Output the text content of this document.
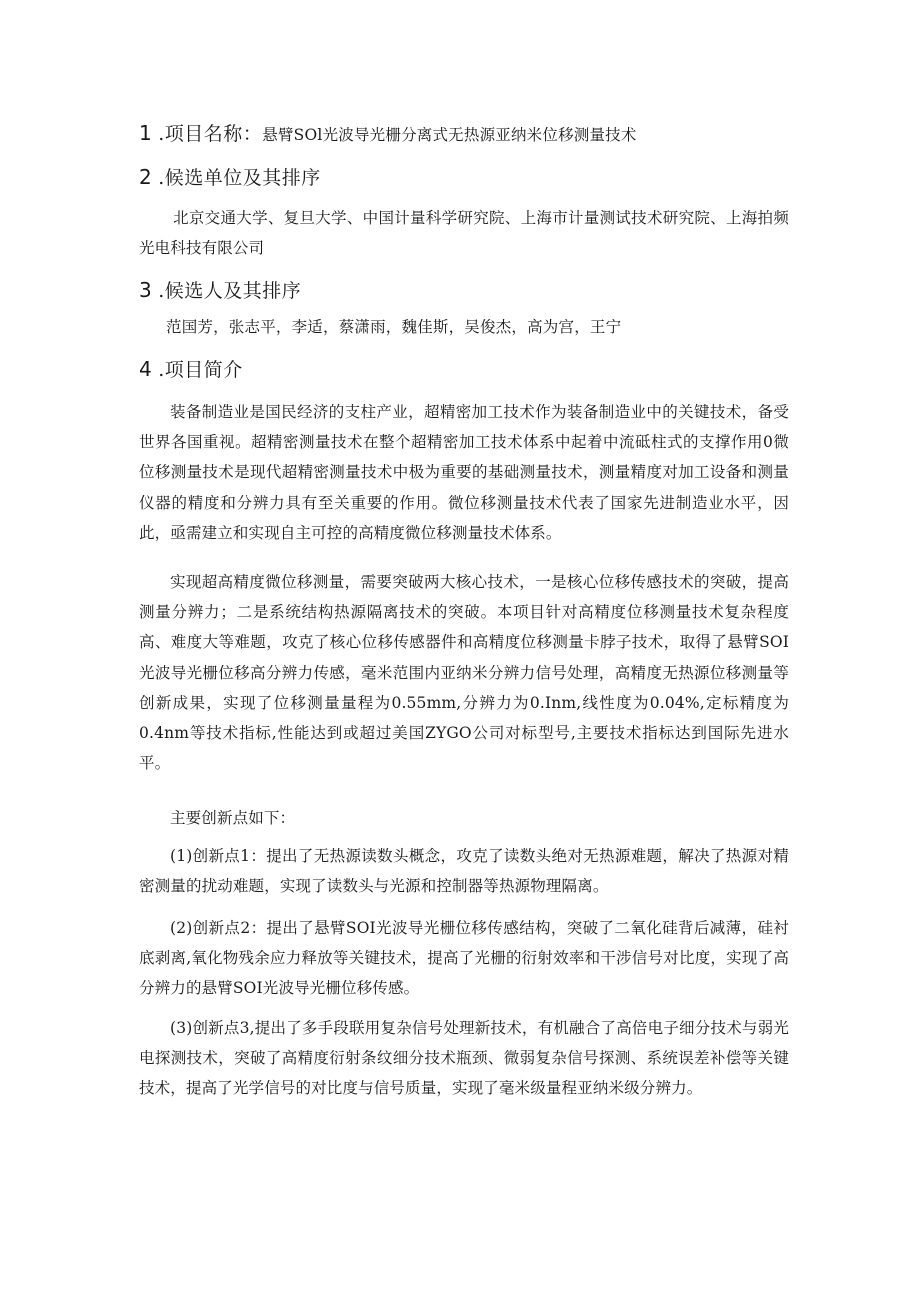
1 .项目名称：悬臂SOl光波导光栅分离式无热源亚纳米位移测量技术
2 .候选单位及其排序
北京交通大学、复旦大学、中国计量科学研究院、上海市计量测试技术研究院、上海拍频光电科技有限公司
3 .候选人及其排序
范国芳，张志平，李适，蔡潇雨，魏佳斯，吴俊杰，高为宫，王宁
4 .项目简介
装备制造业是国民经济的支柱产业，超精密加工技术作为装备制造业中的关键技术，备受世界各国重视。超精密测量技术在整个超精密加工技术体系中起着中流砥柱式的支撑作用0微位移测量技术是现代超精密测量技术中极为重要的基础测量技术，测量精度对加工设备和测量仪器的精度和分辨力具有至关重要的作用。微位移测量技术代表了国家先进制造业水平，因此，亟需建立和实现自主可控的高精度微位移测量技术体系。
实现超高精度微位移测量，需要突破两大核心技术，一是核心位移传感技术的突破，提高测量分辨力；二是系统结构热源隔离技术的突破。本项目针对高精度位移测量技术复杂程度高、难度大等难题，攻克了核心位移传感器件和高精度位移测量卡脖子技术，取得了悬臂SOI光波导光栅位移高分辨力传感，毫米范围内亚纳米分辨力信号处理，高精度无热源位移测量等创新成果，实现了位移测量量程为0.55mm,分辨力为0.Inm,线性度为0.04%,定标精度为0.4nm等技术指标,性能达到或超过美国ZYGO公司对标型号,主要技术指标达到国际先进水平。
主要创新点如下：
(1)创新点1：提出了无热源读数头概念，攻克了读数头绝对无热源难题，解决了热源对精密测量的扰动难题，实现了读数头与光源和控制器等热源物理隔离。
(2)创新点2：提出了悬臂SOI光波导光栅位移传感结构，突破了二氧化硅背后减薄，硅衬底剥离,氧化物残余应力释放等关键技术，提高了光栅的衍射效率和干涉信号对比度，实现了高分辨力的悬臂SOI光波导光栅位移传感。
(3)创新点3,提出了多手段联用复杂信号处理新技术，有机融合了高倍电子细分技术与弱光电探测技术，突破了高精度衍射条纹细分技术瓶颈、微弱复杂信号探测、系统误差补偿等关键技术，提高了光学信号的对比度与信号质量，实现了毫米级量程亚纳米级分辨力。
